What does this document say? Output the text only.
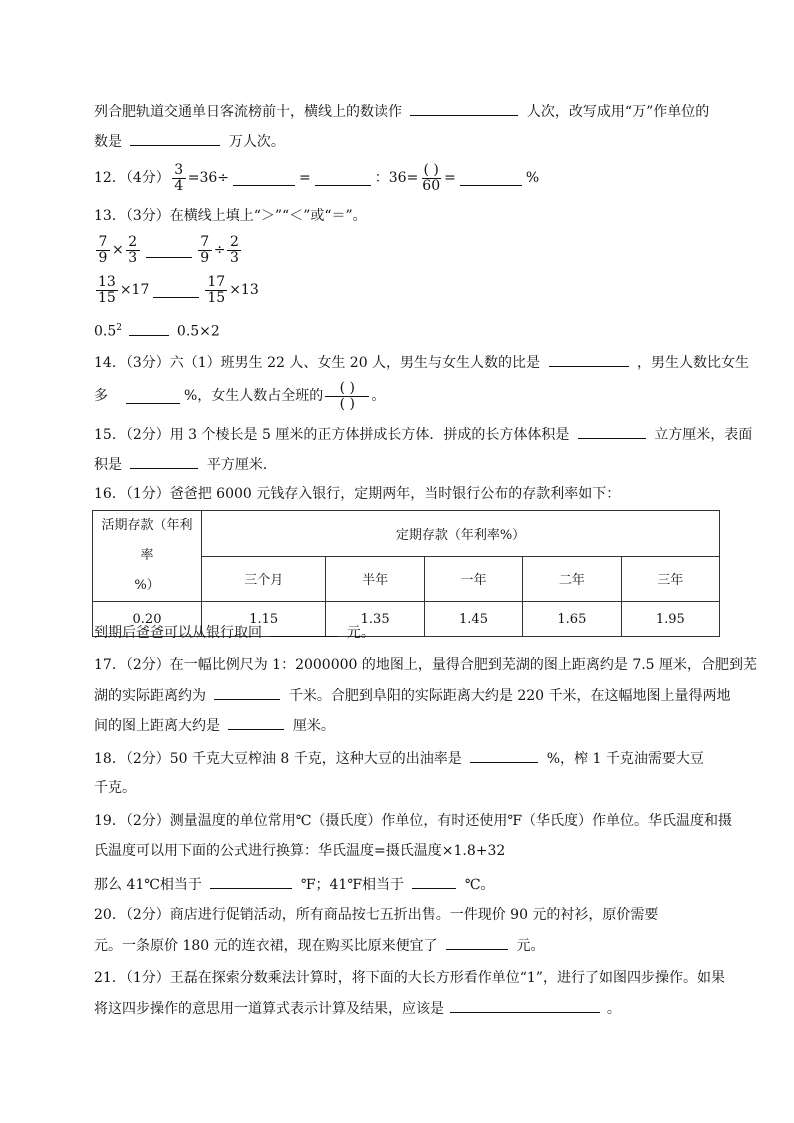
列合肥轨道交通单日客流榜前十，横线上的数读作	人次，改写成用“万”作单位的
数是	万人次。
12．（4分） $\frac{3}{4} =36\div$	=	：$36= \frac{( )}{60}$ =	%
13．（3分）在横线上填上“＞”“＜”或“＝”。
$\frac{7}{9} \times \frac{2}{3}$	$\frac{7}{9} \div \frac{2}{3}$
$\frac{13}{15} \times 17$	$\frac{17}{15} \times 13$
$0.5^2$	0.5×2
14．（3分）六（1）班男生 22 人、女生 20 人，男生与女生人数的比是	，男生人数比女生
多	%，女生人数占全班的 $\frac{( )}{( )}$ 。
15．（2分）用 3 个棱长是 5 厘米的正方体拼成长方体．拼成的长方体体积是	立方厘米，表面
积是	平方厘米．
16．（1分）爸爸把 6000 元钱存入银行，定期两年，当时银行公布的存款利率如下：
活期存款（年利率
%）	定期存款（年利率%）				
	三个月	半年	一年	二年	三年
0.20	1.15	1.35	1.45	1.65	1.95
到期后爸爸可以从银行取回	元。
17．（2分）在一幅比例尺为 1：2000000 的地图上，量得合肥到芜湖的图上距离约是 7.5 厘米，合肥到芜
湖的实际距离约为	千米。合肥到阜阳的实际距离大约是 220 千米，在这幅地图上量得两地
间的图上距离大约是	厘米。
18．（2分）50 千克大豆榨油 8 千克，这种大豆的出油率是	%，榨 1 千克油需要大豆
千克。
19．（2分）测量温度的单位常用℃（摄氏度）作单位，有时还使用℉（华氏度）作单位。华氏温度和摄
氏温度可以用下面的公式进行换算：华氏温度=摄氏温度×1.8+32
那么 41℃相当于	℉；41℉相当于	℃。
20．（2分）商店进行促销活动，所有商品按七五折出售。一件现价 90 元的衬衫，原价需要
元。一条原价 180 元的连衣裙，现在购买比原来便宜了	元。
21．（1分）王磊在探索分数乘法计算时，将下面的大长方形看作单位“1”，进行了如图四步操作。如果
将这四步操作的意思用一道算式表示计算及结果，应该是	。
